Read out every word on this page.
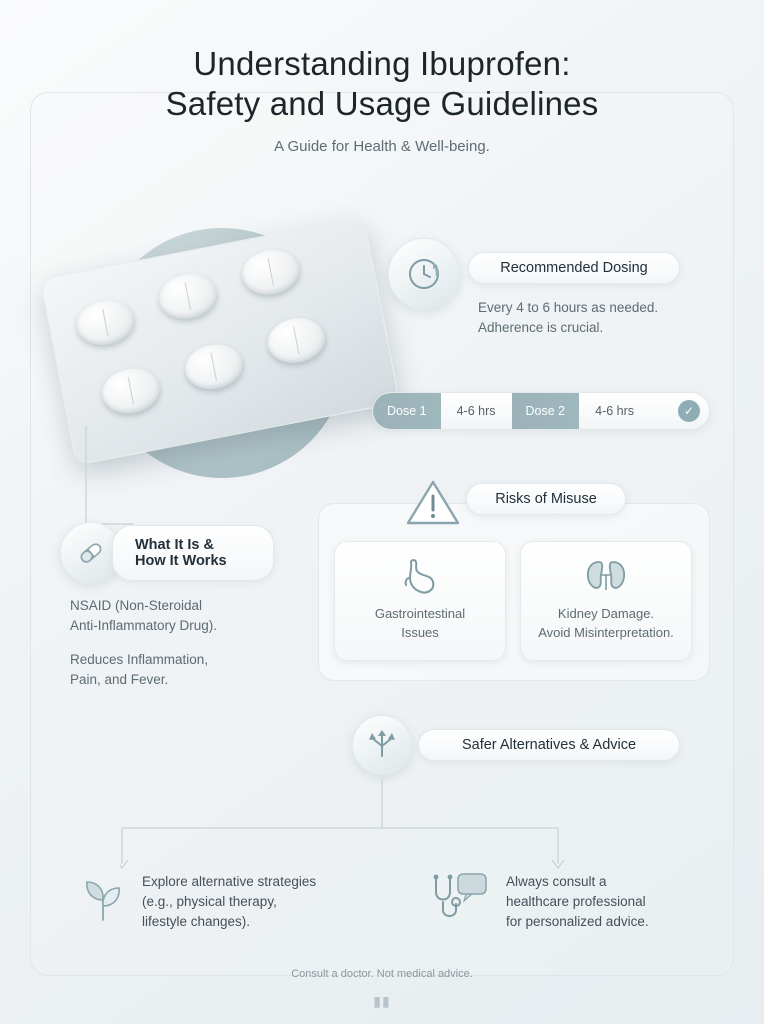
Understanding Ibuprofen:
Safety and Usage Guidelines
A Guide for Health & Well-being.
Recommended Dosing
Every 4 to 6 hours as needed.
Adherence is crucial.
Dose 1 4-6 hrs Dose 2 4-6 hrs	✓
What It Is &
How It Works
NSAID (Non-Steroidal
Anti-Inflammatory Drug).
Reduces Inflammation,
Pain, and Fever.
Risks of Misuse
Gastrointestinal
Issues
Kidney Damage.
Avoid Misinterpretation.
Safer Alternatives & Advice
Explore alternative strategies
(e.g., physical therapy,
lifestyle changes).
Always consult a
healthcare professional
for personalized advice.
Consult a doctor. Not medical advice.
▮▮
